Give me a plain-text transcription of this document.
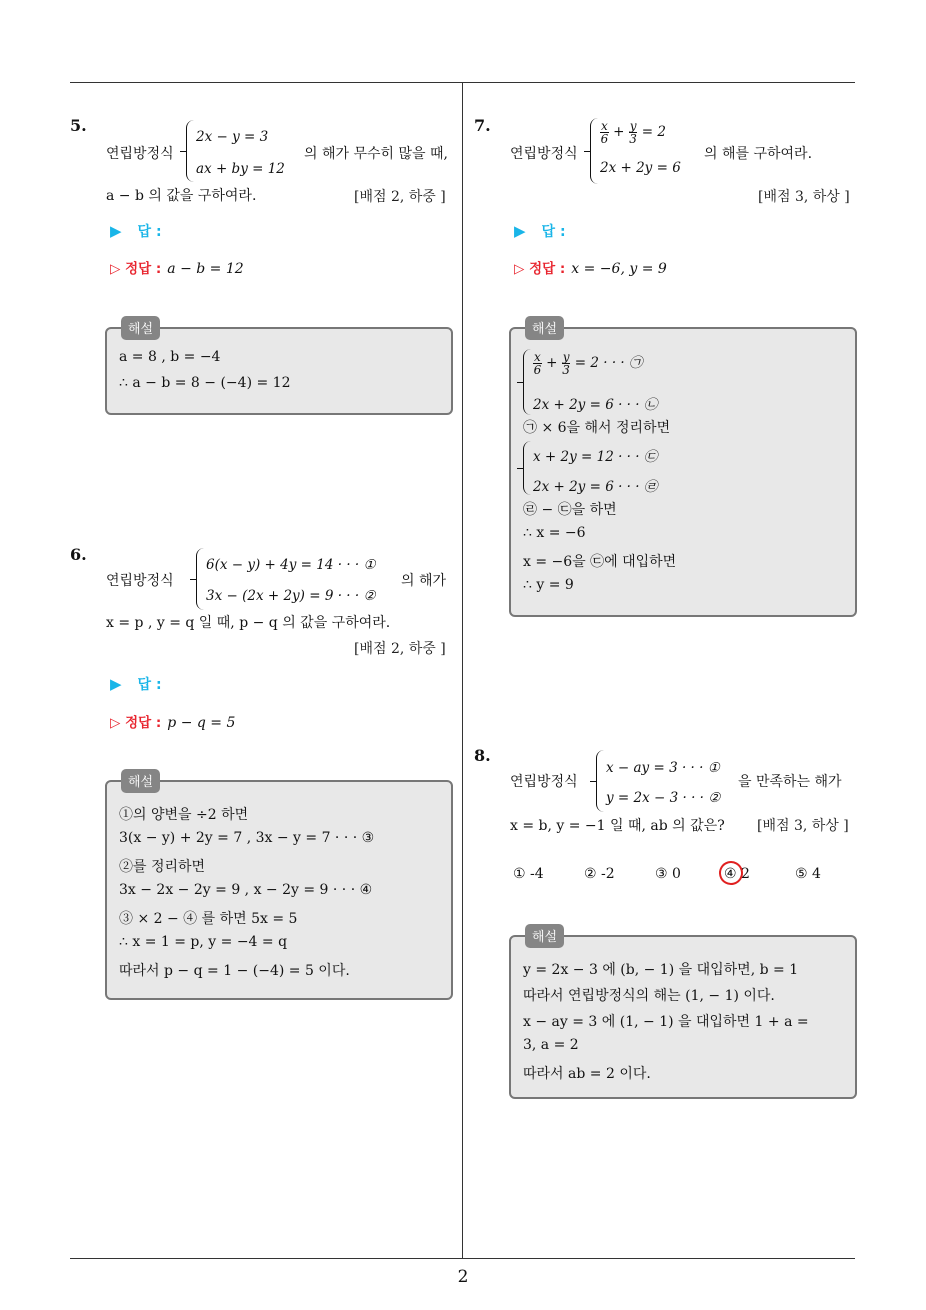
5.
연립방정식
2x − y = 3
ax + by = 12
의 해가 무수히 많을 때,
a − b 의 값을 구하여라.	[배점 2, 하중 ]
▶ 답 :
▷ 정답 : a − b = 12
해설
a = 8 , b = −4
∴ a − b = 8 − (−4) = 12
6.
연립방정식
6(x − y) + 4y = 14 · · · ①
3x − (2x + 2y) = 9 · · · ②
의 해가
x = p , y = q 일 때, p − q 의 값을 구하여라.
[배점 2, 하중 ]
▶ 답 :
▷ 정답 : p − q = 5
해설
①의 양변을 ÷2 하면
3(x − y) + 2y = 7 , 3x − y = 7 · · · ③
②를 정리하면
3x − 2x − 2y = 9 , x − 2y = 9 · · · ④
③ × 2 − ④ 를 하면 5x = 5
∴ x = 1 = p, y = −4 = q
따라서 p − q = 1 − (−4) = 5 이다.
7.
연립방정식
$\frac{x}{6} + \frac{y}{3} = 2$
2x + 2y = 6
의 해를 구하여라.
[배점 3, 하상 ]
▶ 답 :
▷ 정답 : x = −6, y = 9
해설
$\frac{x}{6} + \frac{y}{3} = 2$ · · · ㉠
2x + 2y = 6 · · · ㉡
㉠ × 6을 해서 정리하면
x + 2y = 12 · · · ㉢
2x + 2y = 6 · · · ㉣
㉣ − ㉢을 하면
∴ x = −6
x = −6을 ㉢에 대입하면
∴ y = 9
8.
연립방정식
x − ay = 3 · · · ①
y = 2x − 3 · · · ②
을 만족하는 해가
x = b, y = −1 일 때, ab 의 값은? [배점 3, 하상 ]
① -4	② -2	③ 0	④ 2	⑤ 4
해설
y = 2x − 3 에 (b, − 1) 을 대입하면, b = 1
따라서 연립방정식의 해는 (1, − 1) 이다.
x − ay = 3 에 (1, − 1) 을 대입하면 1 + a =
3, a = 2
따라서 ab = 2 이다.
2
